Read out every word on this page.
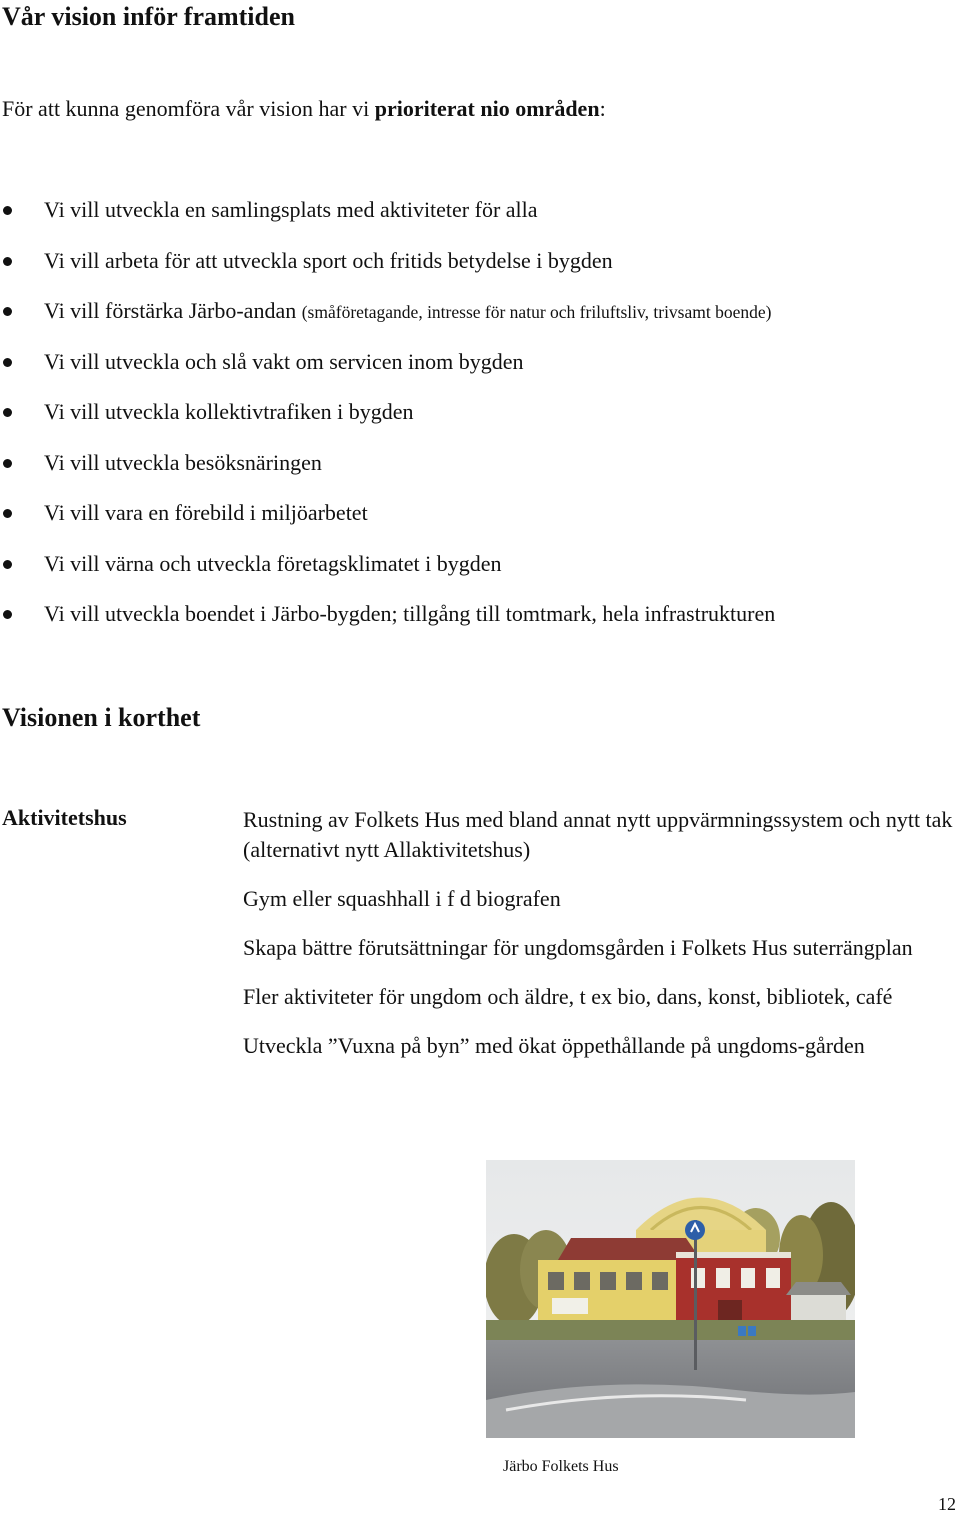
Vår vision inför framtiden

För att kunna genomföra vår vision har vi prioriterat nio områden:

Vi vill utveckla en samlingsplats med aktiviteter för alla
Vi vill arbeta för att utveckla sport och fritids betydelse i bygden
Vi vill förstärka Järbo-andan (småföretagande, intresse för natur och friluftsliv, trivsamt boende)
Vi vill utveckla och slå vakt om servicen inom bygden
Vi vill utveckla kollektivtrafiken i bygden
Vi vill utveckla besöksnäringen
Vi vill vara en förebild i miljöarbetet
Vi vill värna och utveckla företagsklimatet i bygden
Vi vill utveckla boendet i Järbo-bygden; tillgång till tomtmark, hela infrastrukturen
Visionen i korthet
Aktivitetshus	Rustning av Folkets Hus med bland annat nytt uppvärmningssystem och nytt tak (alternativt nytt Allaktivitetshus)

Gym eller squashhall i f d biografen

Skapa bättre förutsättningar för ungdomsgården i Folkets Hus suterrängplan

Fler aktiviteter för ungdom och äldre, t ex bio, dans, konst, bibliotek, café

Utveckla ”Vuxna på byn” med ökat öppethållande på ungdoms-gården

Järbo Folkets Hus
12
